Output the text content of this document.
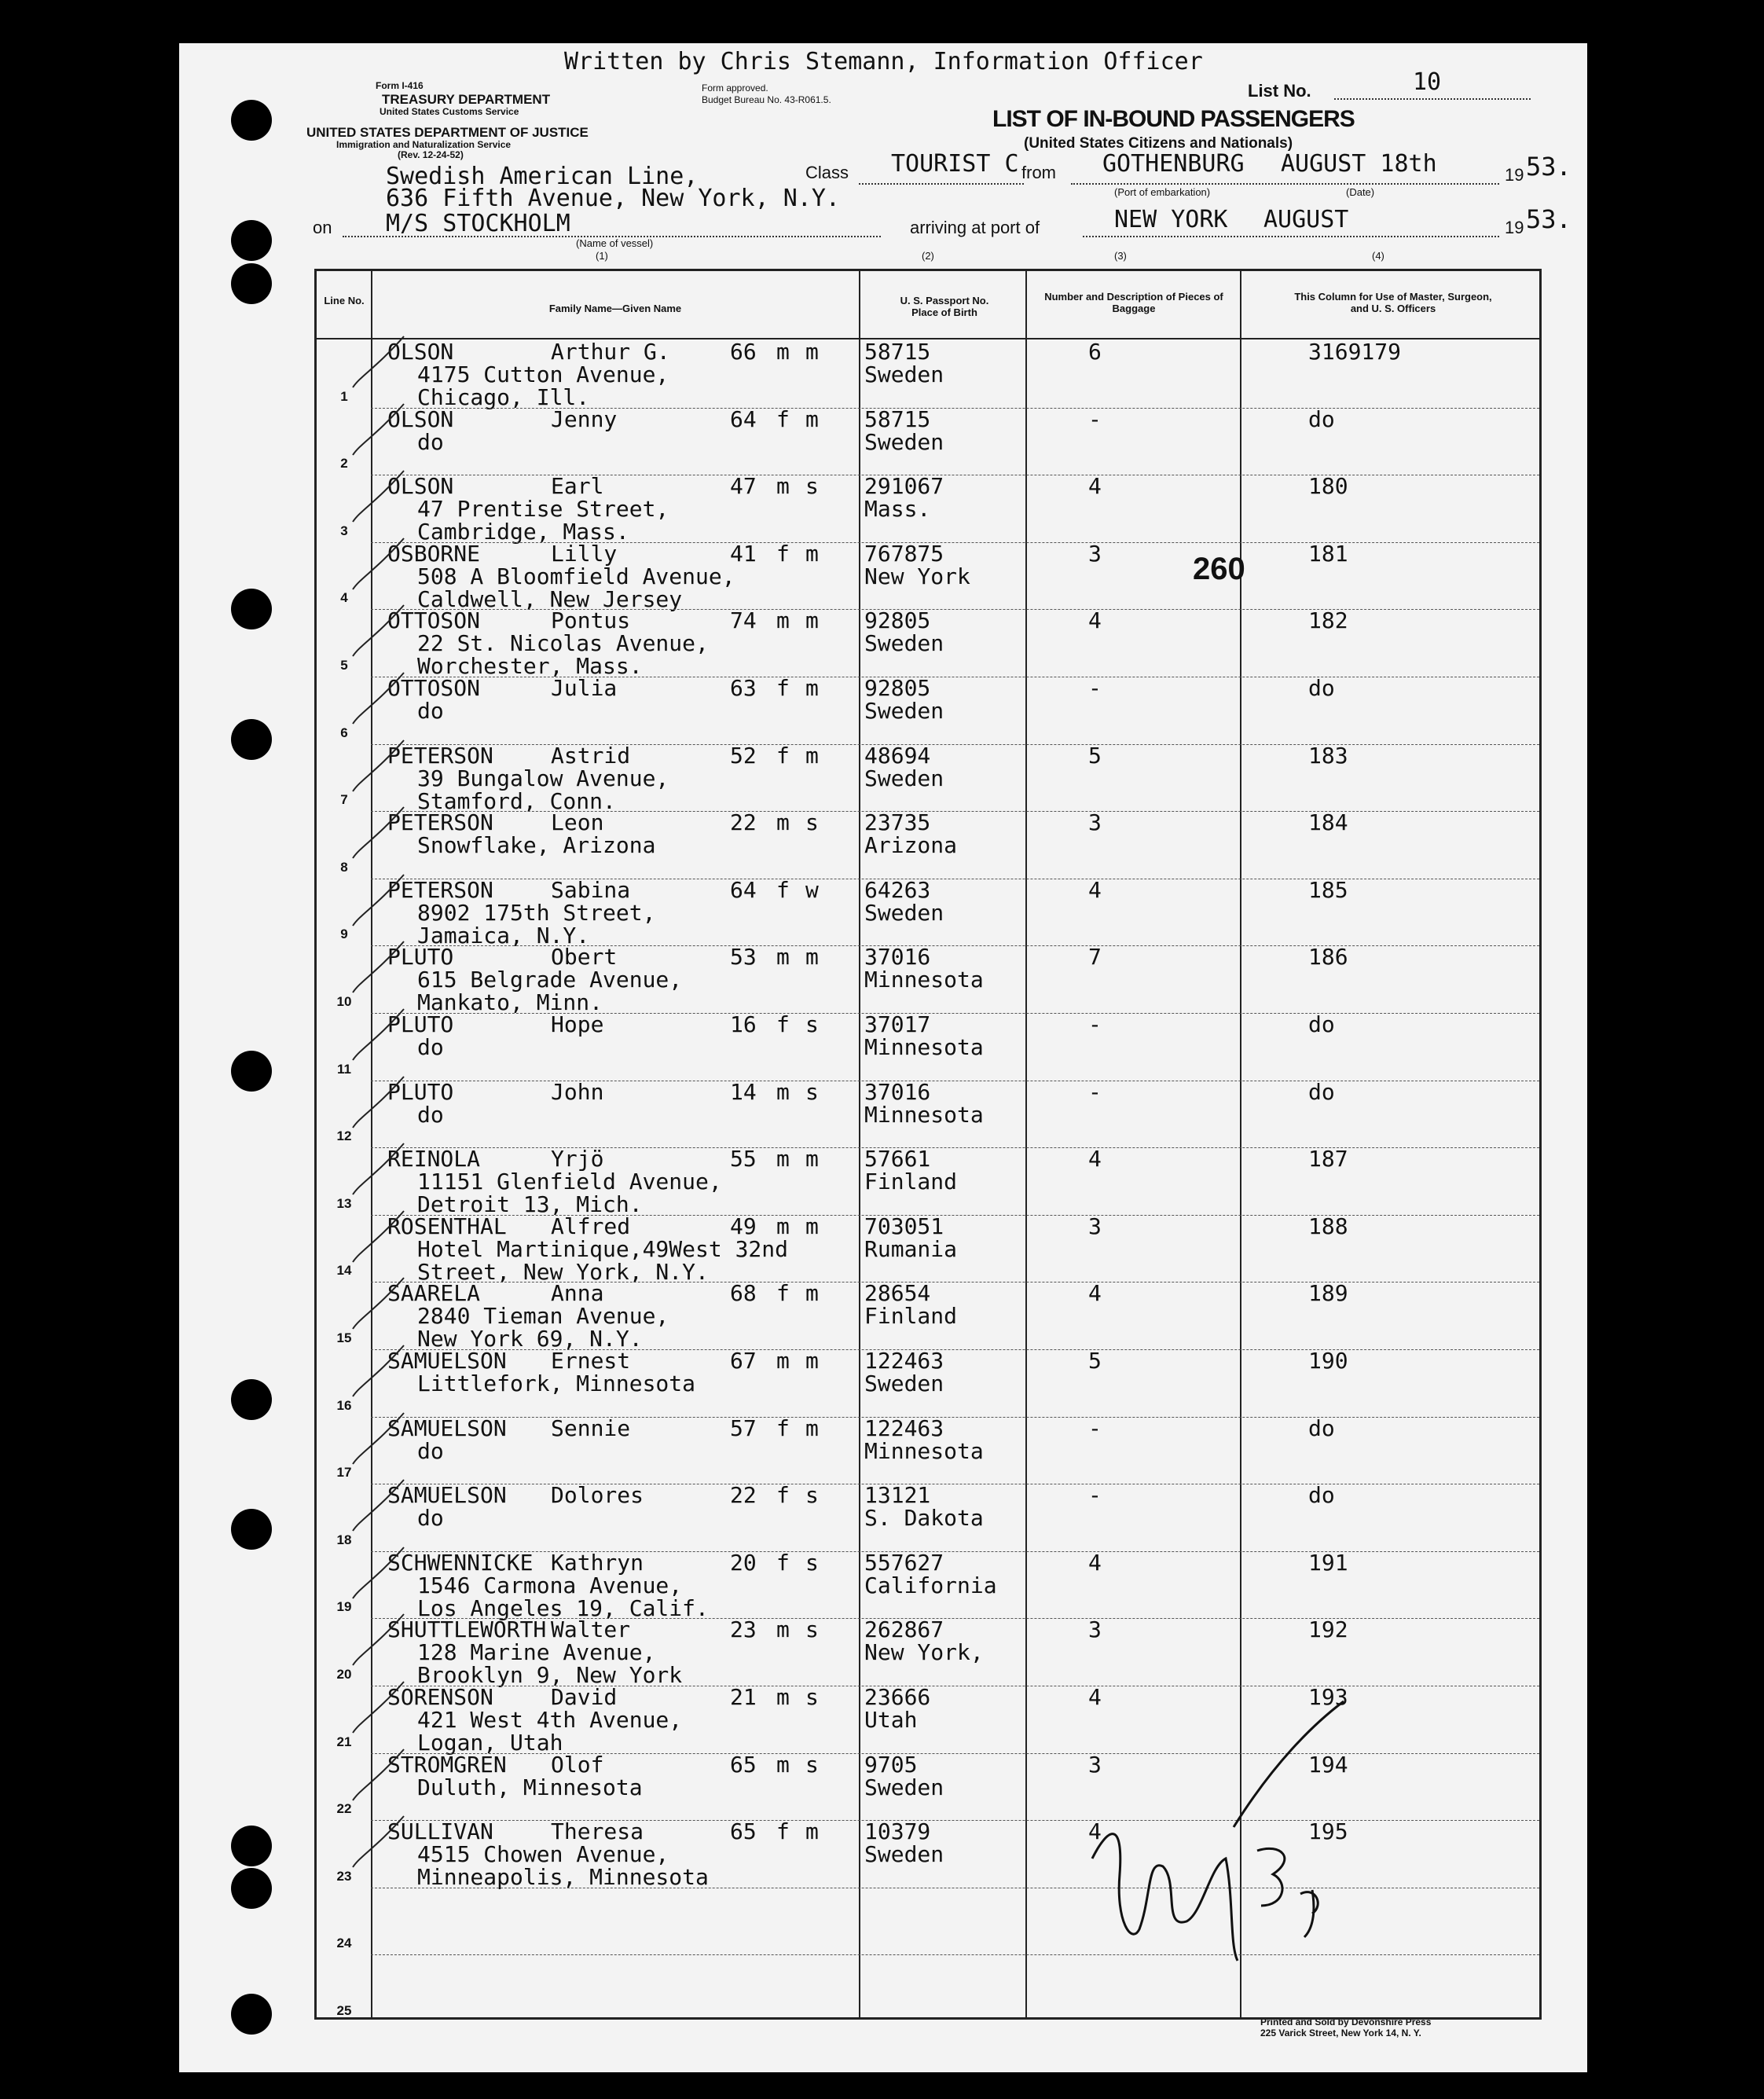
Written by Chris Stemann, Information Officer
Form I-416
TREASURY DEPARTMENT
United States Customs Service
Form approved.
Budget Bureau No. 43-R061.5.
UNITED STATES DEPARTMENT OF JUSTICE
Immigration and Naturalization Service
(Rev. 12-24-52)
List No.	10
LIST OF IN-BOUND PASSENGERS
(United States Citizens and Nationals)
Swedish American Line,
636 Fifth Avenue, New York, N.Y.
Class TOURIST C from GOTHENBURG AUGUST 18th	19 53.
(Port of embarkation)	(Date)
on M/S STOCKHOLM	arriving at port of	NEW YORK AUGUST	19 53.
(Name of vessel)
(1)	(2)	(3)	(4)
Printed and Sold by Devonshire Press
225 Varick Street, New York 14, N. Y.
Line No.
Family Name—Given Name
U. S. Passport No. Place of Birth
Number and Description of Pieces of Baggage
This Column for Use of Master, Surgeon, and U. S. Officers
1
OLSON	Arthur G.	66 m m
4175 Cutton Avenue,
Chicago, Ill.
58715
Sweden
6	3169179
2
OLSON	Jenny	64 f m
do
58715
Sweden
-	do
3
OLSON	Earl	47 m s
47 Prentise Street,
Cambridge, Mass.
291067
Mass.
4	180
4
OSBORNE	Lilly	41 f m
508 A Bloomfield Avenue,
Caldwell, New Jersey
767875
New York
3	181
5
OTTOSON	Pontus	74 m m
22 St. Nicolas Avenue,
Worchester, Mass.
92805
Sweden
4	182
6
OTTOSON	Julia	63 f m
do
92805
Sweden
-	do
7
PETERSON	Astrid	52 f m
39 Bungalow Avenue,
Stamford, Conn.
48694
Sweden
5	183
8
PETERSON	Leon	22 m s
Snowflake, Arizona
23735
Arizona
3	184
9
PETERSON	Sabina	64 f w
8902 175th Street,
Jamaica, N.Y.
64263
Sweden
4	185
10
PLUTO	Obert	53 m m
615 Belgrade Avenue,
Mankato, Minn.
37016
Minnesota
7	186
11
PLUTO	Hope	16 f s
do
37017
Minnesota
-	do
12
PLUTO	John	14 m s
do
37016
Minnesota
-	do
13
REINOLA	Yrjö	55 m m
11151 Glenfield Avenue,
Detroit 13, Mich.
57661
Finland
4	187
14
ROSENTHAL Alfred	49 m m
Hotel Martinique,49West 32nd
Street, New York, N.Y.
703051
Rumania
3	188
15
SAARELA	Anna	68 f m
2840 Tieman Avenue,
New York 69, N.Y.
28654
Finland
4	189
16
SAMUELSON Ernest	67 m m
Littlefork, Minnesota
122463
Sweden
5	190
17
SAMUELSON Sennie	57 f m
do
122463
Minnesota
-	do
18
SAMUELSON Dolores	22 f s
do
13121
S. Dakota
-	do
19
SCHWENNICKE Kathryn	20 f s
1546 Carmona Avenue,
Los Angeles 19, Calif.
557627
California
4	191
20
SHUTTLEWORTH Walter	23 m s
128 Marine Avenue,
Brooklyn 9, New York
262867
New York,
3	192
21
SORENSON	David	21 m s
421 West 4th Avenue,
Logan, Utah
23666
Utah
4	193
22
STROMGREN Olof	65 m s
Duluth, Minnesota
9705
Sweden
3	194
23
SULLIVAN	Theresa	65 f m
4515 Chowen Avenue,
Minneapolis, Minnesota
10379
Sweden
4	195
24
25
260
